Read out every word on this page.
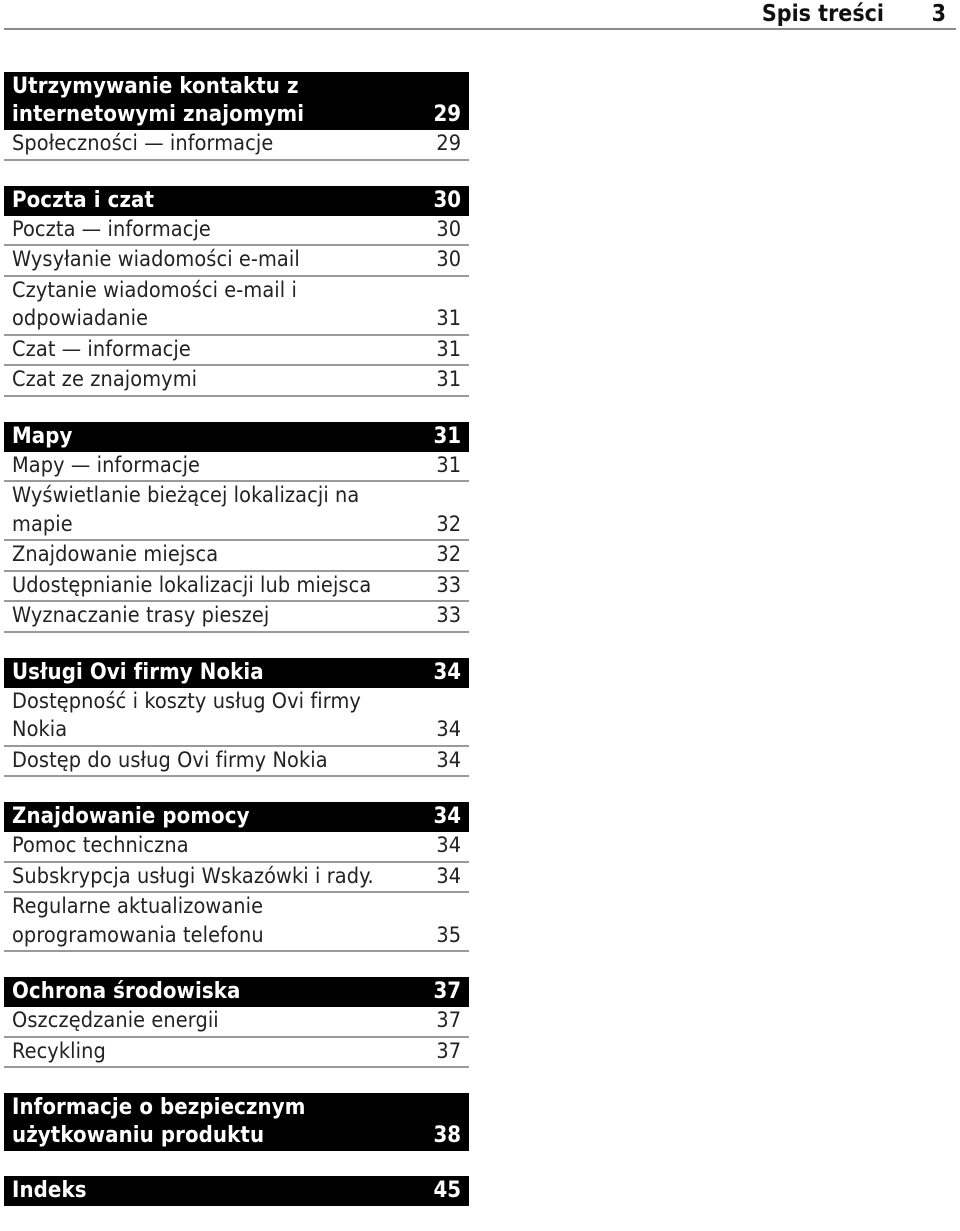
Spis treści 3
Utrzymywanie kontaktu z
internetowymi znajomymi	29
Społeczności — informacje	29
Poczta i czat	30
Poczta — informacje	30
Wysyłanie wiadomości e-mail	30
Czytanie wiadomości e-mail i
odpowiadanie	31
Czat — informacje	31
Czat ze znajomymi	31
Mapy	31
Mapy — informacje	31
Wyświetlanie bieżącej lokalizacji na
mapie	32
Znajdowanie miejsca	32
Udostępnianie lokalizacji lub miejsca	33
Wyznaczanie trasy pieszej	33
Usługi Ovi firmy Nokia	34
Dostępność i koszty usług Ovi firmy
Nokia	34
Dostęp do usług Ovi firmy Nokia	34
Znajdowanie pomocy	34
Pomoc techniczna	34
Subskrypcja usługi Wskazówki i rady.	34
Regularne aktualizowanie
oprogramowania telefonu	35
Ochrona środowiska	37
Oszczędzanie energii	37
Recykling	37
Informacje o bezpiecznym
użytkowaniu produktu	38
Indeks	45
